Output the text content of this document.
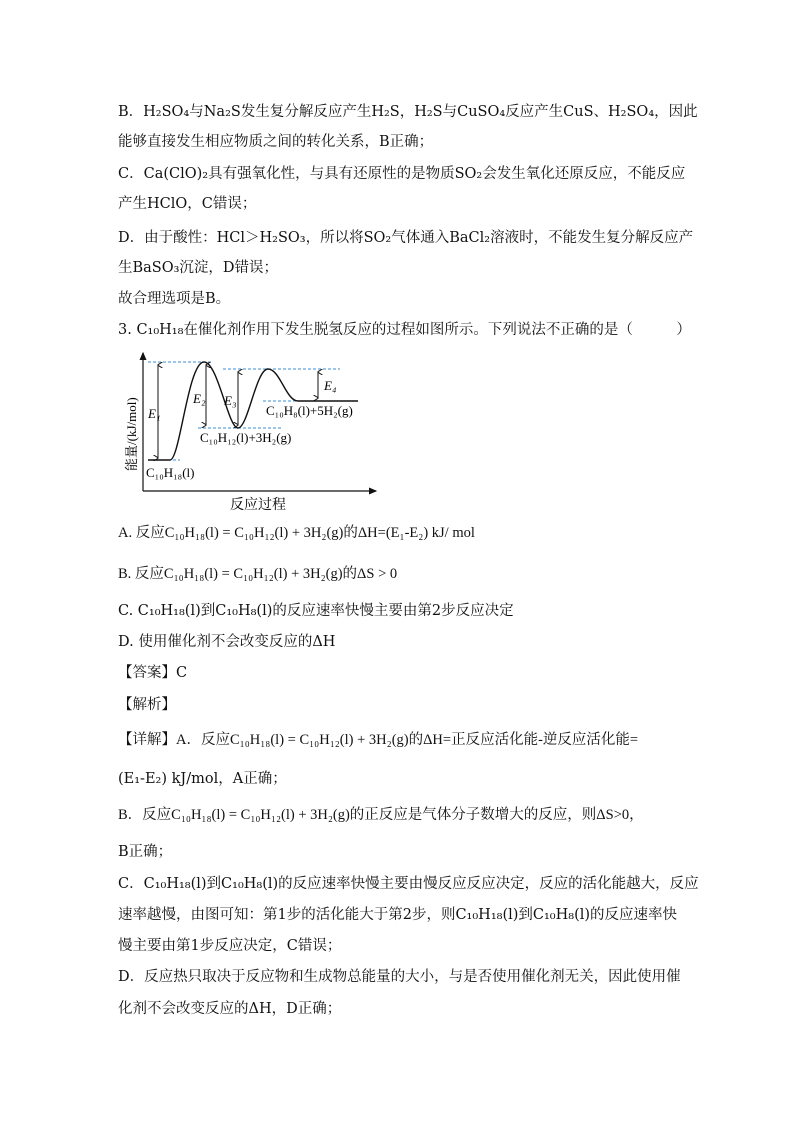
B．H₂SO₄与Na₂S发生复分解反应产生H₂S，H₂S与CuSO₄反应产生CuS、H₂SO₄，因此
能够直接发生相应物质之间的转化关系，B正确；
C．Ca(ClO)₂具有强氧化性，与具有还原性的是物质SO₂会发生氧化还原反应，不能反应
产生HClO，C错误；
D．由于酸性：HCl＞H₂SO₃，所以将SO₂气体通入BaCl₂溶液时，不能发生复分解反应产
生BaSO₃沉淀，D错误；
故合理选项是B。
3. C₁₀H₁₈在催化剂作用下发生脱氢反应的过程如图所示。下列说法不正确的是（　　　）
E₁
E₂ E₃
E₄
C₁₀H₁₈(l)
C₁₀H₁₂(l)+3H₂(g)
C₁₀H₈(l)+5H₂(g)
反应过程
能量/(kJ/mol)
A. 反应C₁₀H₁₈(l) = C₁₀H₁₂(l) + 3H₂(g)的ΔH=(E₁-E₂) kJ/ mol
B. 反应C₁₀H₁₈(l) = C₁₀H₁₂(l) + 3H₂(g)的ΔS > 0
C. C₁₀H₁₈(l)到C₁₀H₈(l)的反应速率快慢主要由第2步反应决定
D. 使用催化剂不会改变反应的ΔH
【答案】C
【解析】
【详解】A．反应C₁₀H₁₈(l) = C₁₀H₁₂(l) + 3H₂(g)的ΔH=正反应活化能-逆反应活化能=
(E₁-E₂) kJ/mol，A正确；
B．反应C₁₀H₁₈(l) = C₁₀H₁₂(l) + 3H₂(g)的正反应是气体分子数增大的反应，则ΔS>0，
B正确；
C．C₁₀H₁₈(l)到C₁₀H₈(l)的反应速率快慢主要由慢反应反应决定，反应的活化能越大，反应
速率越慢，由图可知：第1步的活化能大于第2步，则C₁₀H₁₈(l)到C₁₀H₈(l)的反应速率快
慢主要由第1步反应决定，C错误；
D．反应热只取决于反应物和生成物总能量的大小，与是否使用催化剂无关，因此使用催
化剂不会改变反应的ΔH，D正确；
